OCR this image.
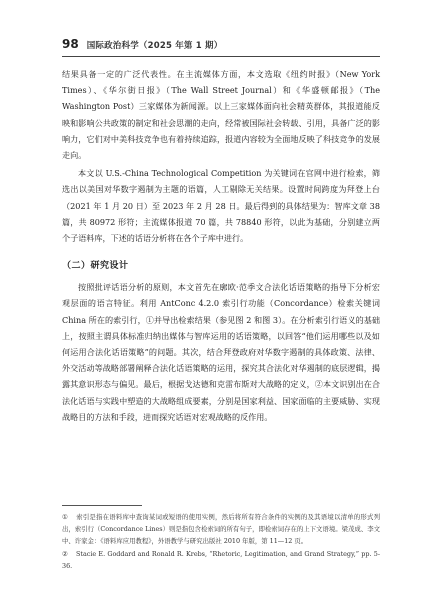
98 国际政治科学（2025 年第 1 期）

结果具备一定的广泛代表性。在主流媒体方面，本文选取《纽约时报》（New York Times）、《华尔街日报》（The Wall Street Journal）和《华盛顿邮报》（The Washington Post）三家媒体为新闻源。以上三家媒体面向社会精英群体，其报道能反映和影响公共政策的制定和社会思潮的走向，经常被国际社会转载、引用，具备广泛的影响力，它们对中美科技竞争也有着持续追踪，报道内容较为全面地反映了科技竞争的发展走向。

本文以 U.S.-China Technological Competition 为关键词在官网中进行检索，筛选出以美国对华数字遏制为主题的语篇，人工剔除无关结果。设置时间跨度为拜登上台（2021 年 1 月 20 日）至 2023 年 2 月 28 日。最后得到的具体结果为：智库文章 38 篇，共 80972 形符；主流媒体报道 70 篇，共 78840 形符，以此为基础，分别建立两个子语料库，下述的话语分析将在各个子库中进行。

（二）研究设计

按照批评话语分析的原则，本文首先在廓欧·范季文合法化话语策略的指导下分析宏观层面的语言特征。利用 AntConc 4.2.0 索引行功能（Concordance）检索关键词 China 所在的索引行，①并导出检索结果（参见图 2 和图 3）。在分析索引行语义的基础上，按照主谓具体标准归纳出媒体与智库运用的话语策略，以回答“他们运用哪些以及如何运用合法化话语策略”的问题。其次，结合拜登政府对华数字遏制的具体政策、法律、外交活动等战略部署阐释合法化话语策略的运用，探究其合法化对华遏制的底层逻辑，揭露其意识形态与偏见。最后，根据戈达德和克雷布斯对大战略的定义，②本文识别出在合法化话语与实践中塑造的大战略组成要素，分别是国家利益、国家面临的主要威胁、实现战略目的方法和手段，进而探究话语对宏观战略的反作用。

① 索引是指在语料库中查询某词或短语的使用实例，然后将所有符合条件的实例的及其语境以清单的形式列出，索引行（Concordance Lines）则是指包含检索词的所有句子，即检索词存在的上下文语境。梁茂成、李文中、许家金：《语料库应用教程》，外语教学与研究出版社 2010 年版，第 11—12 页。

② Stacie E. Goddard and Ronald R. Krebs, “Rhetoric, Legitimation, and Grand Strategy,” pp. 5-36.
